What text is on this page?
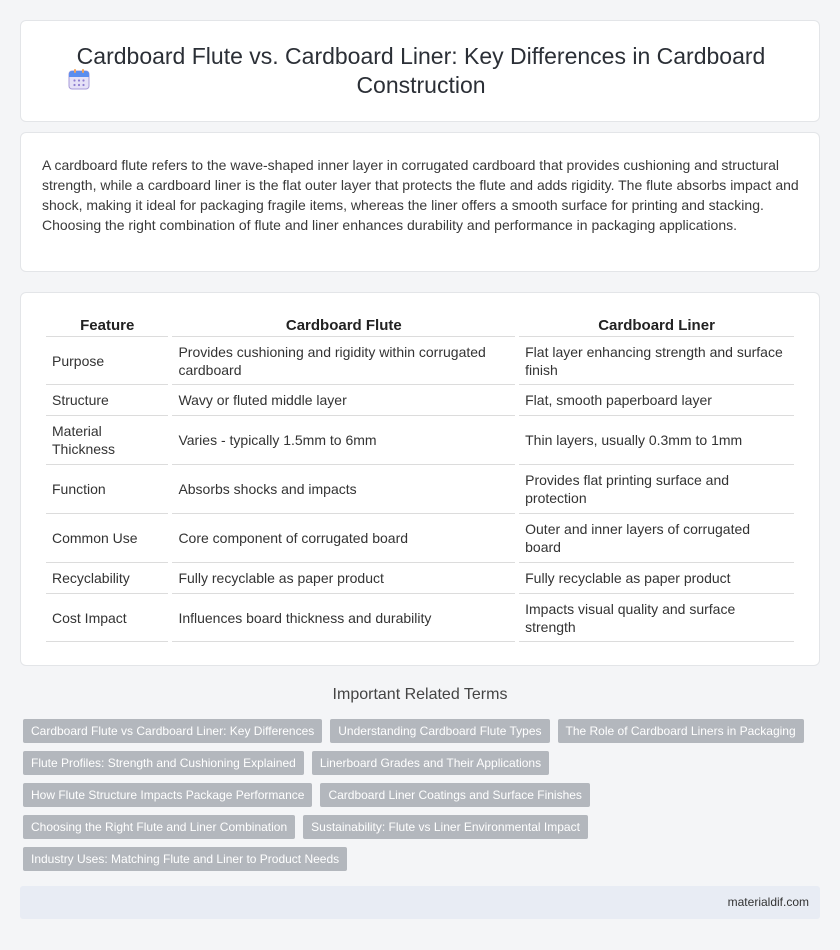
Cardboard Flute vs. Cardboard Liner: Key Differences in Cardboard Construction

A cardboard flute refers to the wave-shaped inner layer in corrugated cardboard that provides cushioning and structural strength, while a cardboard liner is the flat outer layer that protects the flute and adds rigidity. The flute absorbs impact and shock, making it ideal for packaging fragile items, whereas the liner offers a smooth surface for printing and stacking. Choosing the right combination of flute and liner enhances durability and performance in packaging applications.

Feature	Cardboard Flute	Cardboard Liner
Purpose	Provides cushioning and rigidity within corrugated cardboard	Flat layer enhancing strength and surface finish
Structure	Wavy or fluted middle layer	Flat, smooth paperboard layer
Material Thickness	Varies - typically 1.5mm to 6mm	Thin layers, usually 0.3mm to 1mm
Function	Absorbs shocks and impacts	Provides flat printing surface and protection
Common Use	Core component of corrugated board	Outer and inner layers of corrugated board
Recyclability	Fully recyclable as paper product	Fully recyclable as paper product
Cost Impact	Influences board thickness and durability	Impacts visual quality and surface strength
Important Related Terms
Cardboard Flute vs Cardboard Liner: Key Differences	Understanding Cardboard Flute Types	The Role of Cardboard Liners in Packaging
Flute Profiles: Strength and Cushioning Explained	Linerboard Grades and Their Applications
How Flute Structure Impacts Package Performance	Cardboard Liner Coatings and Surface Finishes
Choosing the Right Flute and Liner Combination	Sustainability: Flute vs Liner Environmental Impact
Industry Uses: Matching Flute and Liner to Product Needs
materialdif.com
